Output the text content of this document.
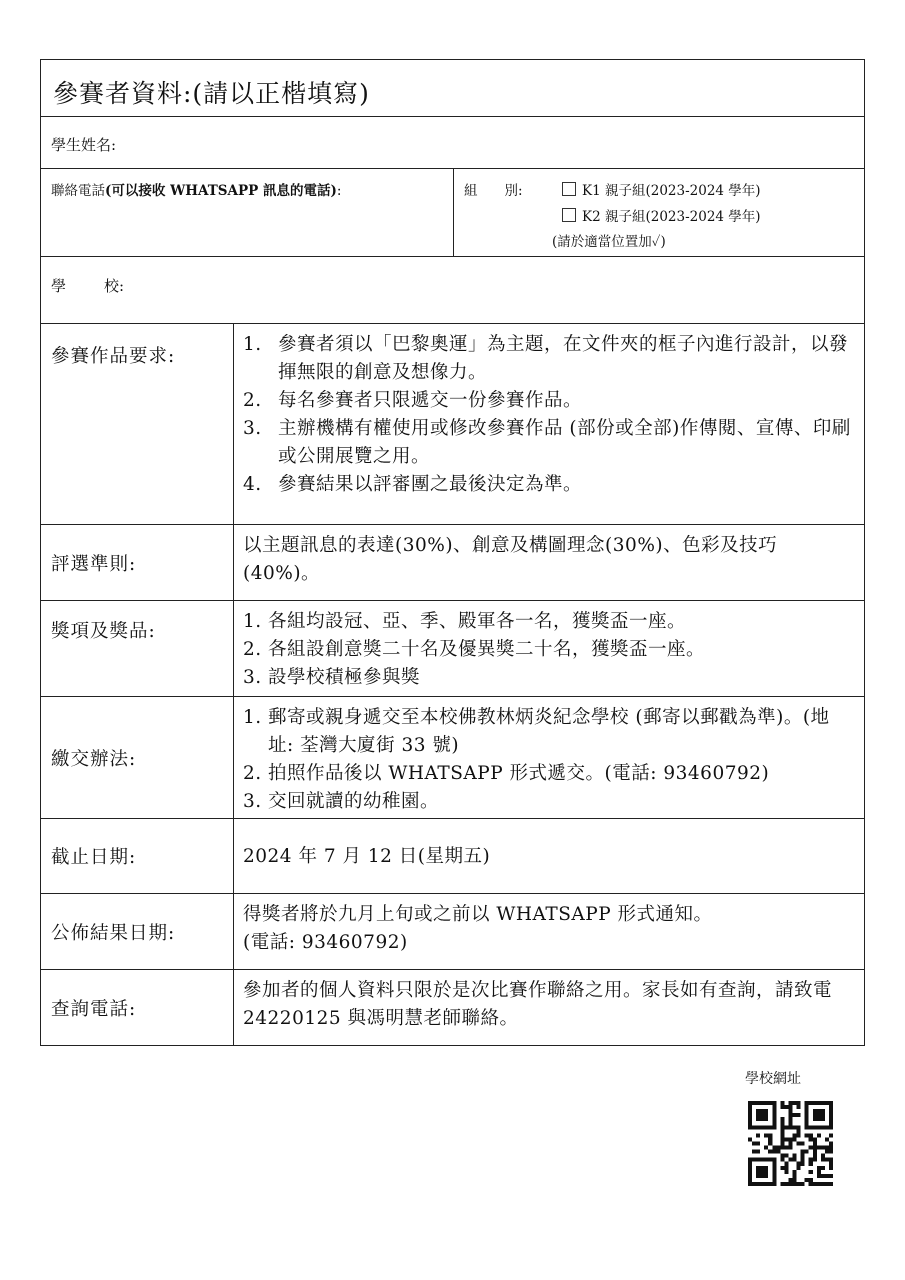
參賽者資料:(請以正楷填寫)
學生姓名:
聯絡電話(可以接收 WHATSAPP 訊息的電話):	組　　別:	K1 親子組(2023-2024 學年)
K2 親子組(2023-2024 學年)
(請於適當位置加✓)
學	校:
參賽作品要求:
1. 參賽者須以「巴黎奧運」為主題，在文件夾的框子內進行設計，以發揮無限的創意及想像力。
2. 每名參賽者只限遞交一份參賽作品。
3. 主辦機構有權使用或修改參賽作品 (部份或全部)作傳閱、宣傳、印刷或公開展覽之用。
4. 參賽結果以評審團之最後決定為準。
評選準則:
以主題訊息的表達(30%)、創意及構圖理念(30%)、色彩及技巧(40%)。
獎項及獎品:	1. 各組均設冠、亞、季、殿軍各一名，獲獎盃一座。
2. 各組設創意獎二十名及優異獎二十名，獲獎盃一座。
3. 設學校積極參與獎
繳交辦法:
1. 郵寄或親身遞交至本校佛教林炳炎紀念學校 (郵寄以郵戳為準)。(地址: 荃灣大廈街 33 號)
2. 拍照作品後以 WHATSAPP 形式遞交。(電話: 93460792)
3. 交回就讀的幼稚園。
截止日期:	2024 年 7 月 12 日(星期五)
公佈結果日期:
得獎者將於九月上旬或之前以 WHATSAPP 形式通知。
(電話: 93460792)
查詢電話:
參加者的個人資料只限於是次比賽作聯絡之用。家長如有查詢，請致電 24220125 與馮明慧老師聯絡。
學校網址
